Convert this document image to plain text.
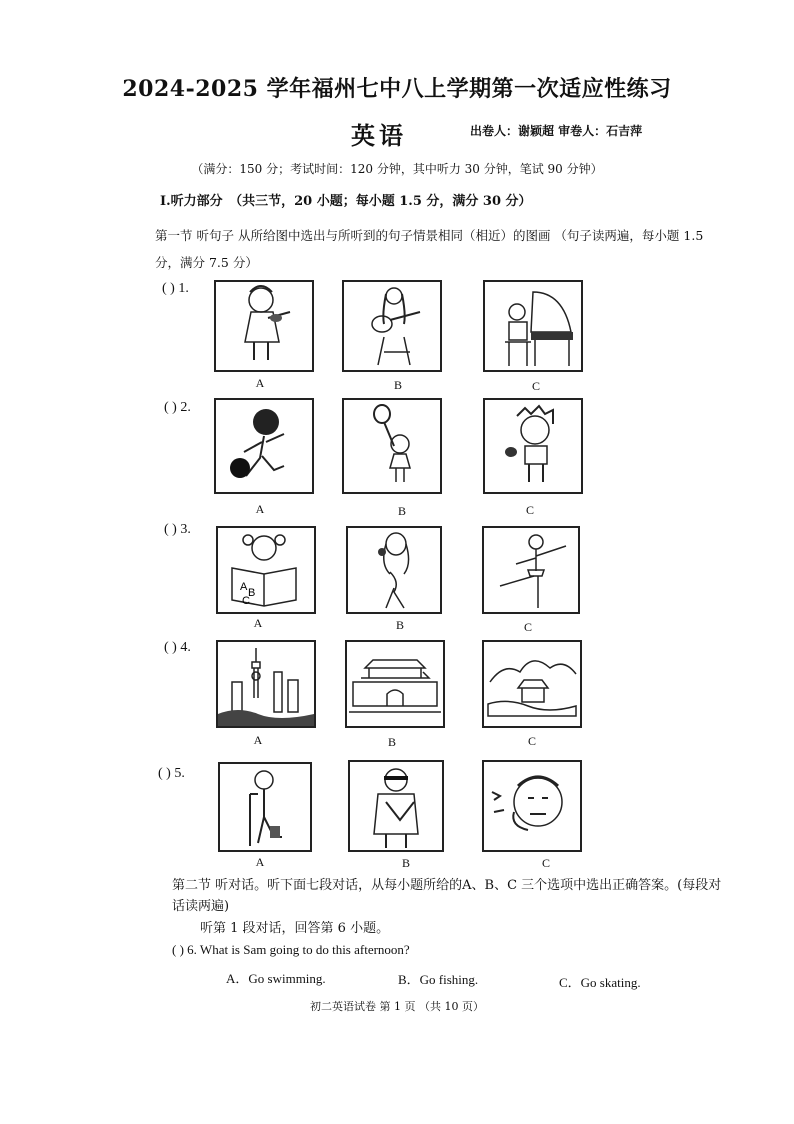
2024-2025 学年福州七中八上学期第一次适应性练习
英语	出卷人：谢颖超 审卷人：石吉萍
（满分：150 分；考试时间：120 分钟，其中听力 30 分钟，笔试 90 分钟）
I.听力部分　（共三节，20 小题；每小题 1.5 分，满分 30 分）
第一节 听句子 从所给图中选出与所听到的句子情景相同（相近）的图画 （句子读两遍，每小题 1.5 分，满分 7.5 分）
( ) 1.
A	B	C
( ) 2.
A	B	C
( ) 3.
A B
C
A	B	C
( ) 4.
A	B	C
( ) 5.
A	B	C
第二节 听对话。听下面七段对话，从每小题所给的A、B、C 三个选项中选出正确答案。(每段对话读两遍)
听第 1 段对话，回答第 6 小题。
( ) 6. What is Sam going to do this afternoon?
A．Go swimming.	B．Go fishing.	C．Go skating.
初二英语试卷 第 1 页 （共 10 页）
